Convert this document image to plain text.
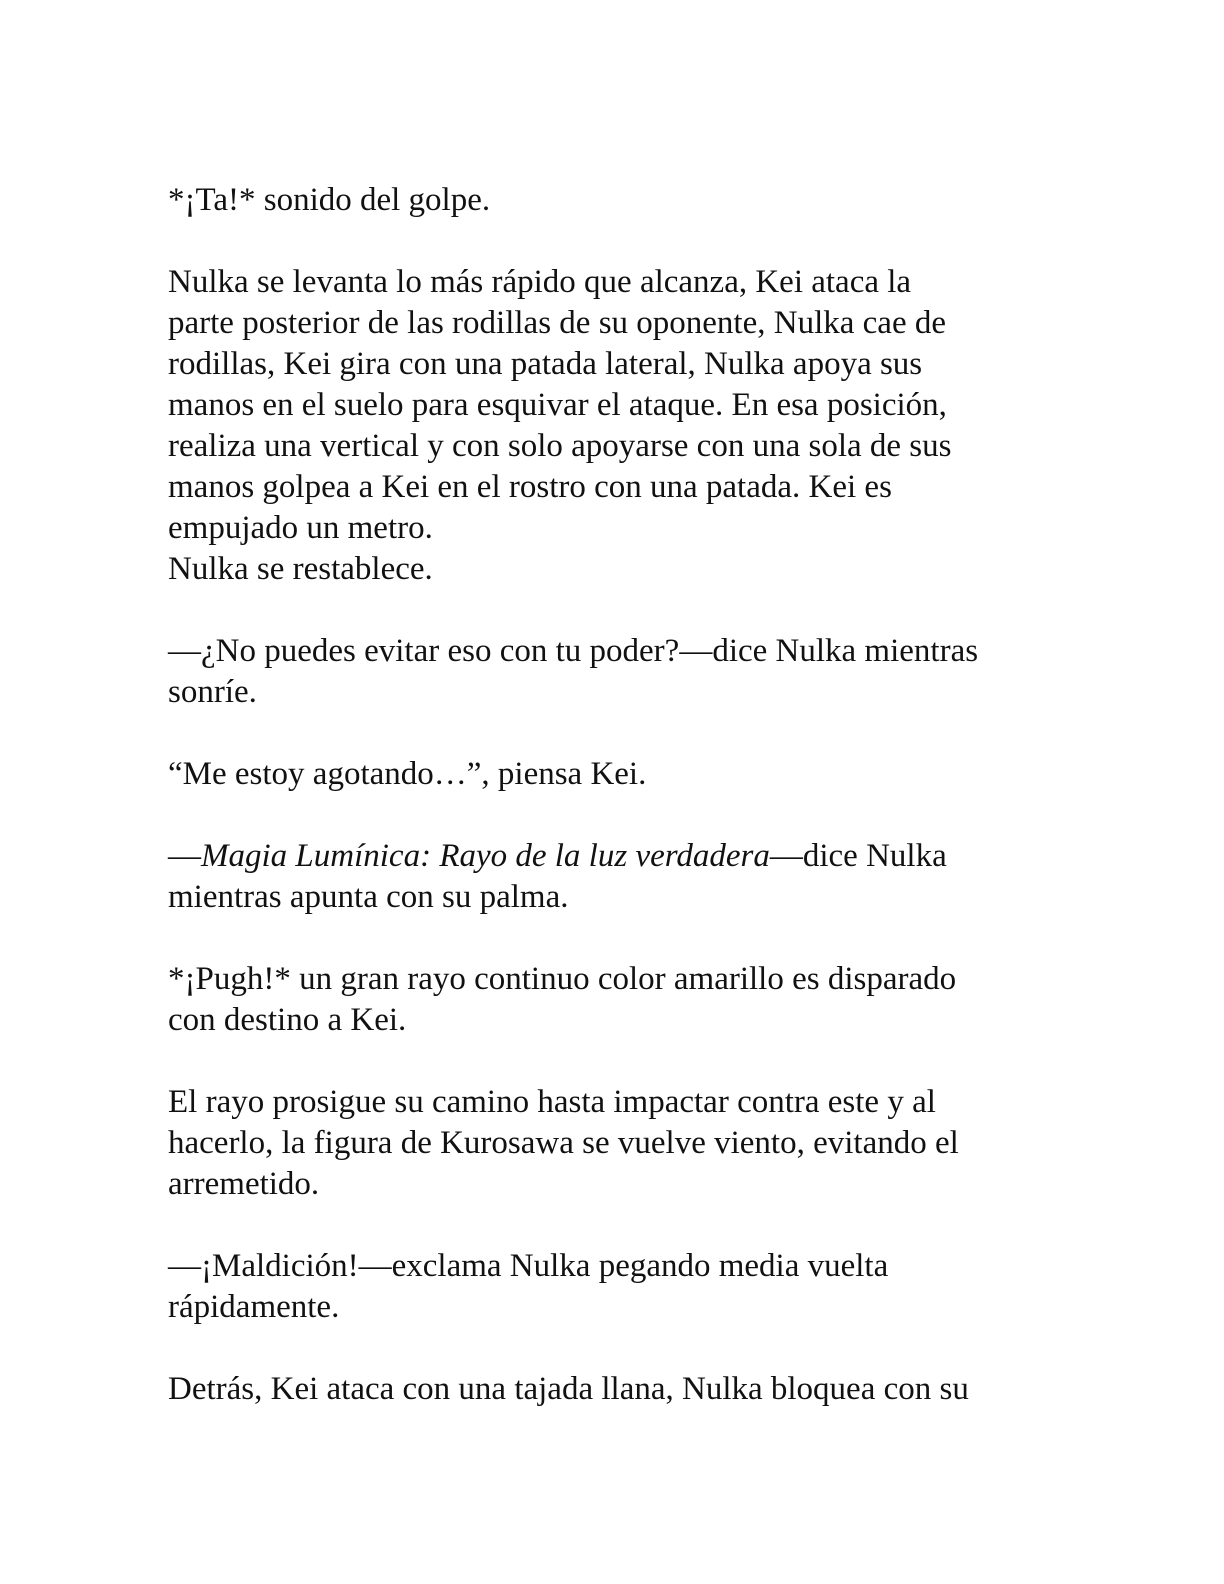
*¡Ta!* sonido del golpe.

Nulka se levanta lo más rápido que alcanza, Kei ataca la
parte posterior de las rodillas de su oponente, Nulka cae de
rodillas, Kei gira con una patada lateral, Nulka apoya sus
manos en el suelo para esquivar el ataque. En esa posición,
realiza una vertical y con solo apoyarse con una sola de sus
manos golpea a Kei en el rostro con una patada. Kei es
empujado un metro.

Nulka se restablece.

—¿No puedes evitar eso con tu poder?—dice Nulka mientras
sonríe.

“Me estoy agotando…”, piensa Kei.

—Magia Lumínica: Rayo de la luz verdadera—dice Nulka
mientras apunta con su palma.

*¡Pugh!* un gran rayo continuo color amarillo es disparado
con destino a Kei.

El rayo prosigue su camino hasta impactar contra este y al
hacerlo, la figura de Kurosawa se vuelve viento, evitando el
arremetido.

—¡Maldición!—exclama Nulka pegando media vuelta
rápidamente.

Detrás, Kei ataca con una tajada llana, Nulka bloquea con su
